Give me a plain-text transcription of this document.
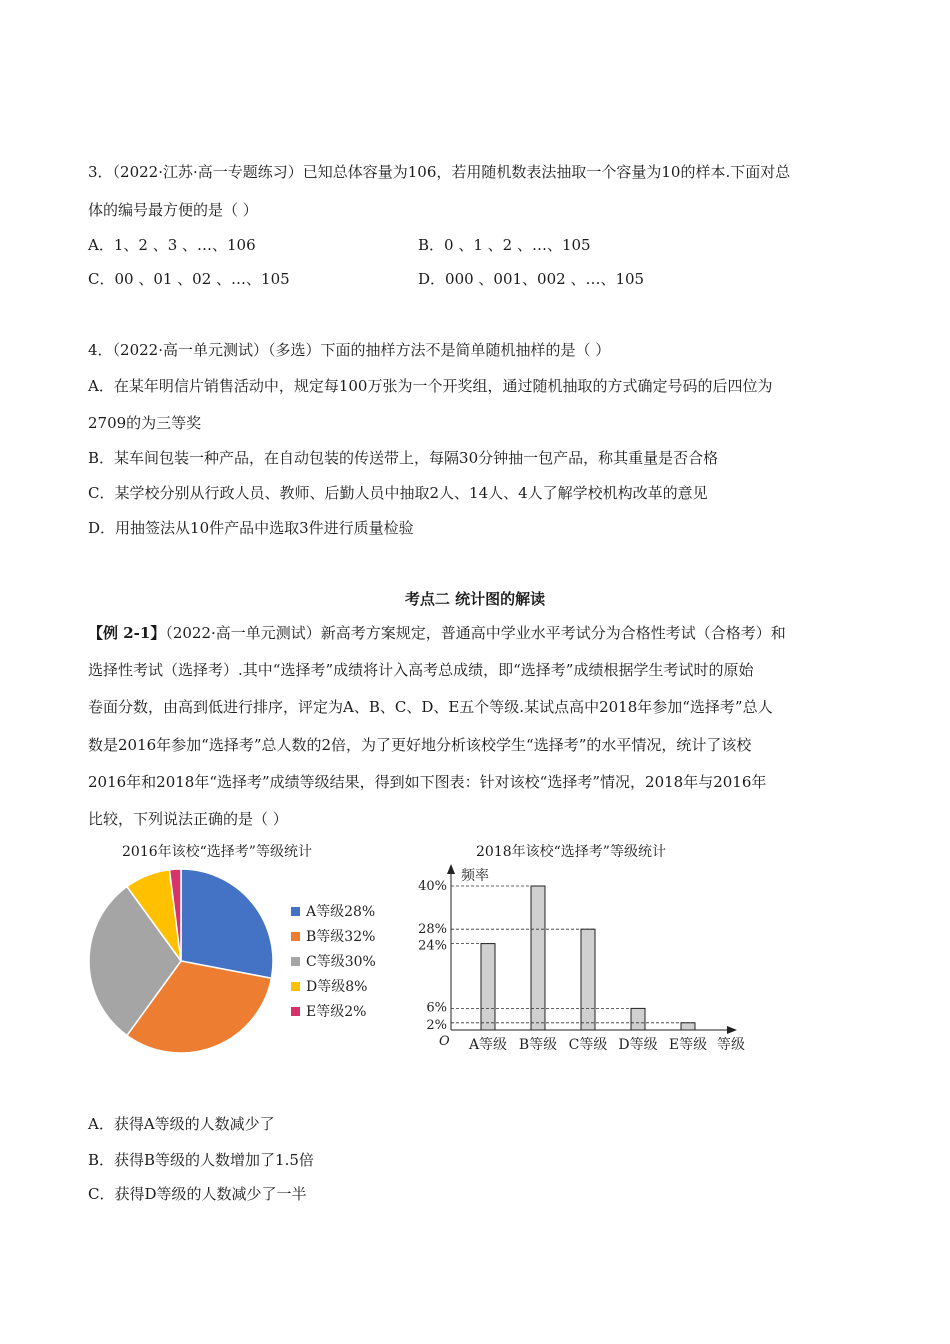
3．（2022·江苏·高一专题练习）已知总体容量为106，若用随机数表法抽取一个容量为10的样本.下面对总
体的编号最方便的是（ ）
A．1、2 、3 、…、106	B．0 、1 、2 、…、105
C．00 、01 、02 、…、105	D．000 、001、002 、…、105
4．（2022·高一单元测试）（多选）下面的抽样方法不是简单随机抽样的是（ ）
A．在某年明信片销售活动中，规定每100万张为一个开奖组，通过随机抽取的方式确定号码的后四位为
2709的为三等奖
B．某车间包装一种产品，在自动包装的传送带上，每隔30分钟抽一包产品，称其重量是否合格
C．某学校分别从行政人员、教师、后勤人员中抽取2人、14人、4人了解学校机构改革的意见
D．用抽签法从10件产品中选取3件进行质量检验
考点二 统计图的解读
【例 2-1】（2022·高一单元测试）新高考方案规定，普通高中学业水平考试分为合格性考试（合格考）和
选择性考试（选择考）.其中“选择考”成绩将计入高考总成绩，即“选择考”成绩根据学生考试时的原始
卷面分数，由高到低进行排序，评定为A、B、C、D、E五个等级.某试点高中2018年参加“选择考”总人
数是2016年参加“选择考”总人数的2倍，为了更好地分析该校学生“选择考”的水平情况，统计了该校
2016年和2018年“选择考”成绩等级结果，得到如下图表：针对该校“选择考”情况，2018年与2016年
比较，下列说法正确的是（ ）
2016年该校“选择考”等级统计
A等级28%
B等级32%
C等级30%
D等级8%
E等级2%
2018年该校“选择考”等级统计
频率
等级
O A等级 B等级 C等级 D等级 E等级
40%
28%
24%
6%
2%
A．获得A等级的人数减少了
B．获得B等级的人数增加了1.5倍
C．获得D等级的人数减少了一半
